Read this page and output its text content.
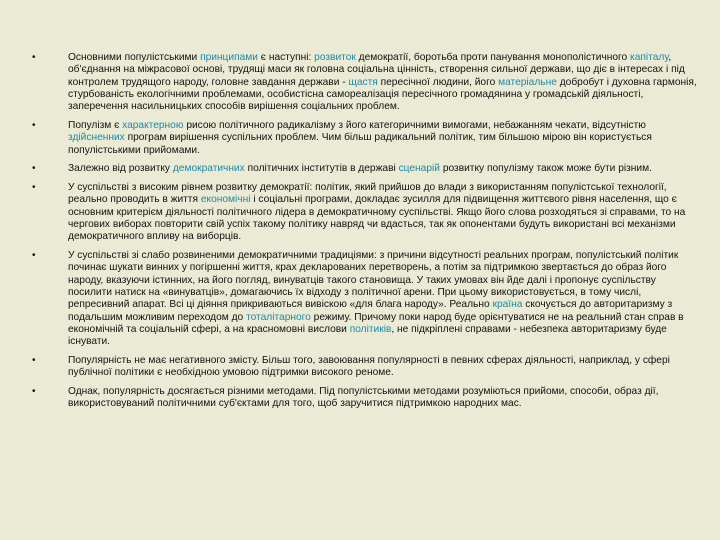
•	Основними популістськими принципами є наступні: розвиток демократії, боротьба проти панування монополістичного капіталу, об'єднання на міжрасової основі, трудящі маси як головна соціальна цінність, створення сильної держави, що діє в інтересах і під контролем трудящого народу, головне завдання держави - щастя пересічної людини, його матеріальне добробут і духовна гармонія, стурбованість екологічними проблемами, особистісна самореалізація пересічного громадянина у громадській діяльності, заперечення насильницьких способів вирішення соціальних проблем.
•	Популізм є характерною рисою політичного радикалізму з його категоричними вимогами, небажанням чекати, відсутністю здійсненних програм вирішення суспільних проблем. Чим більш радикальний політик, тим більшою мірою він користується популістськими прийомами.
•	Залежно від розвитку демократичних політичних інститутів в державі сценарій розвитку популізму також може бути різним.
•	У суспільстві з високим рівнем розвитку демократії: політик, який прийшов до влади з використанням популістської технології, реально проводить в життя економічні і соціальні програми, докладає зусилля для підвищення життєвого рівня населення, що є основним критерієм діяльності політичного лідера в демократичному суспільстві. Якщо його слова розходяться зі справами, то на чергових виборах повторити свій успіх такому політику навряд чи вдасться, так як опонентами будуть використані всі механізми демократичного впливу на виборців.
•	У суспільстві зі слабо розвиненими демократичними традиціями: з причини відсутності реальних програм, популістський політик починає шукати винних у погіршенні життя, крах декларованих перетворень, а потім за підтримкою звертається до образ його народу, вказуючи істинних, на його погляд, винуватців такого становища. У таких умовах він йде далі і пропонує суспільству посилити натиск на «винуватців», домагаючись їх відходу з політичної арени. При цьому використовується, в тому числі, репресивний апарат. Всі ці діяння прикриваються вивіскою «для блага народу». Реально країна скочується до авторитаризму з подальшим можливим переходом до тоталітарного режиму. Причому поки народ буде орієнтуватися не на реальний стан справ в економічній та соціальній сфері, а на красномовні вислови політиків, не підкріплені справами - небезпека авторитаризму буде існувати.
•	Популярність не має негативного змісту. Більш того, завоювання популярності в певних сферах діяльності, наприклад, у сфері публічної політики є необхідною умовою підтримки високого реноме.
•	Однак, популярність досягається різними методами. Під популістськими методами розуміються прийоми, способи, образ дії, використовуваний політичними суб'єктами для того, щоб заручитися підтримкою народних мас.
